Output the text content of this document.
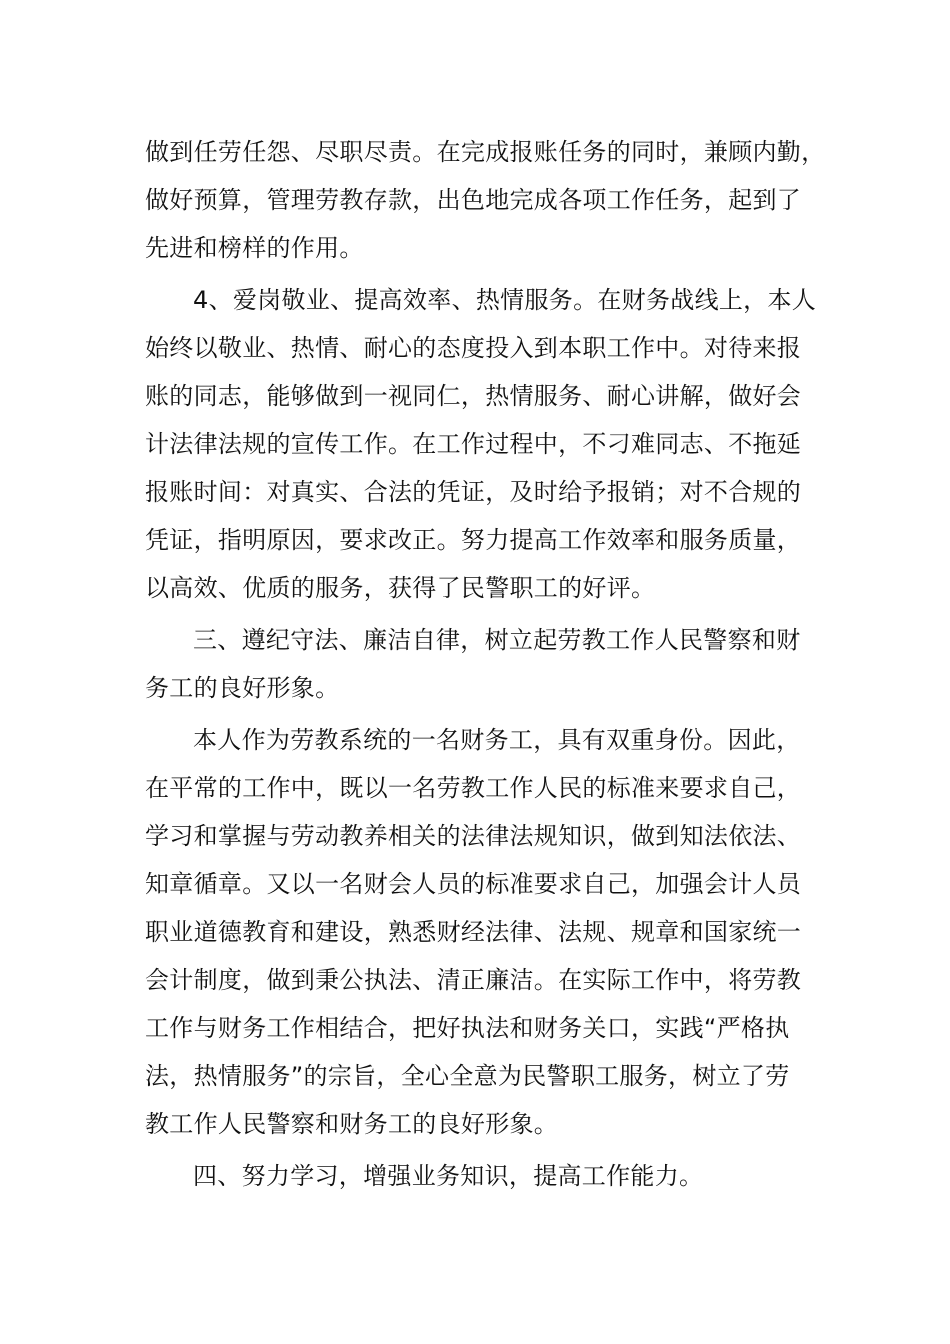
做到任劳任怨、尽职尽责。在完成报账任务的同时，兼顾内勤，
做好预算，管理劳教存款，出色地完成各项工作任务，起到了
先进和榜样的作用。
4、爱岗敬业、提高效率、热情服务。在财务战线上，本人
始终以敬业、热情、耐心的态度投入到本职工作中。对待来报
账的同志，能够做到一视同仁，热情服务、耐心讲解，做好会
计法律法规的宣传工作。在工作过程中，不刁难同志、不拖延
报账时间：对真实、合法的凭证，及时给予报销；对不合规的
凭证，指明原因，要求改正。努力提高工作效率和服务质量，
以高效、优质的服务，获得了民警职工的好评。
三、遵纪守法、廉洁自律，树立起劳教工作人民警察和财
务工的良好形象。
本人作为劳教系统的一名财务工，具有双重身份。因此，
在平常的工作中，既以一名劳教工作人民的标准来要求自己，
学习和掌握与劳动教养相关的法律法规知识，做到知法依法、
知章循章。又以一名财会人员的标准要求自己，加强会计人员
职业道德教育和建设，熟悉财经法律、法规、规章和国家统一
会计制度，做到秉公执法、清正廉洁。在实际工作中，将劳教
工作与财务工作相结合，把好执法和财务关口，实践“严格执
法，热情服务”的宗旨，全心全意为民警职工服务，树立了劳
教工作人民警察和财务工的良好形象。
四、努力学习，增强业务知识，提高工作能力。
